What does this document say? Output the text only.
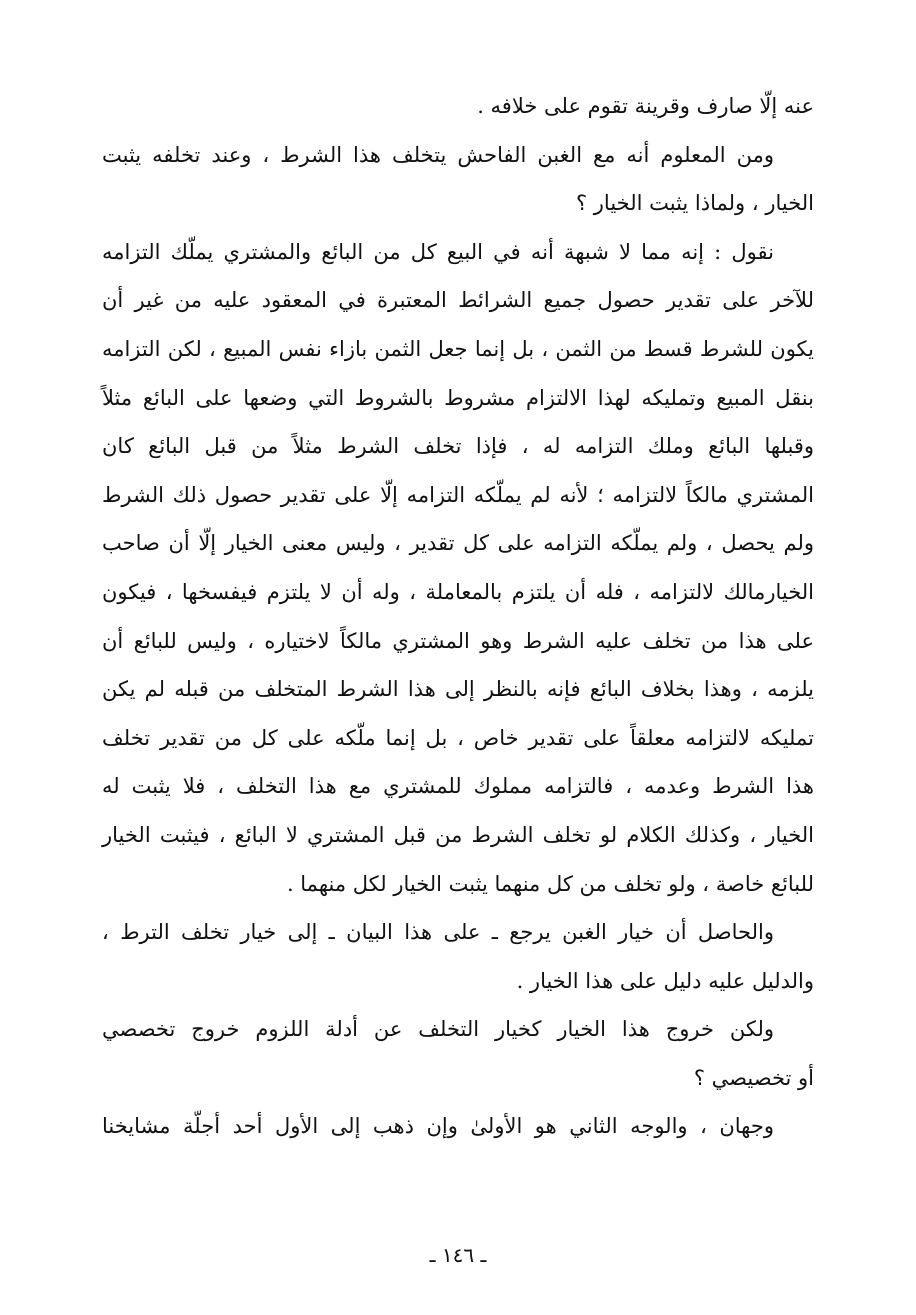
عنه إلّا صارف وقرينة تقوم على خلافه .
ومن المعلوم أنه مع الغبن الفاحش يتخلف هذا الشرط ، وعند تخلفه يثبت
الخيار ، ولماذا يثبت الخيار ؟
نقول : إنه مما لا شبهة أنه في البيع كل من البائع والمشتري يملّك التزامه
للآخر على تقدير حصول جميع الشرائط المعتبرة في المعقود عليه من غير أن
يكون للشرط قسط من الثمن ، بل إنما جعل الثمن بازاء نفس المبيع ، لكن التزامه
بنقل المبيع وتمليكه لهذا الالتزام مشروط بالشروط التي وضعها على البائع مثلاً
وقبلها البائع وملك التزامه له ، فإذا تخلف الشرط مثلاً من قبل البائع كان
المشتري مالكاً لالتزامه ؛ لأنه لم يملّكه التزامه إلّا على تقدير حصول ذلك الشرط
ولم يحصل ، ولم يملّكه التزامه على كل تقدير ، وليس معنى الخيار إلّا أن صاحب
الخيارمالك لالتزامه ، فله أن يلتزم بالمعاملة ، وله أن لا يلتزم فيفسخها ، فيكون
على هذا من تخلف عليه الشرط وهو المشتري مالكاً لاختياره ، وليس للبائع أن
يلزمه ، وهذا بخلاف البائع فإنه بالنظر إلى هذا الشرط المتخلف من قبله لم يكن
تمليكه لالتزامه معلقاً على تقدير خاص ، بل إنما ملّكه على كل من تقدير تخلف
هذا الشرط وعدمه ، فالتزامه مملوك للمشتري مع هذا التخلف ، فلا يثبت له
الخيار ، وكذلك الكلام لو تخلف الشرط من قبل المشتري لا البائع ، فيثبت الخيار
للبائع خاصة ، ولو تخلف من كل منهما يثبت الخيار لكل منهما .
والحاصل أن خيار الغبن يرجع ـ على هذا البيان ـ إلى خيار تخلف الترط ،
والدليل عليه دليل على هذا الخيار .
ولكن خروج هذا الخيار كخيار التخلف عن أدلة اللزوم خروج تخصصي
أو تخصيصي ؟
وجهان ، والوجه الثاني هو الأولىٰ وإن ذهب إلى الأول أحد أجلّة مشايخنا
ـ ١٤٦ ـ
